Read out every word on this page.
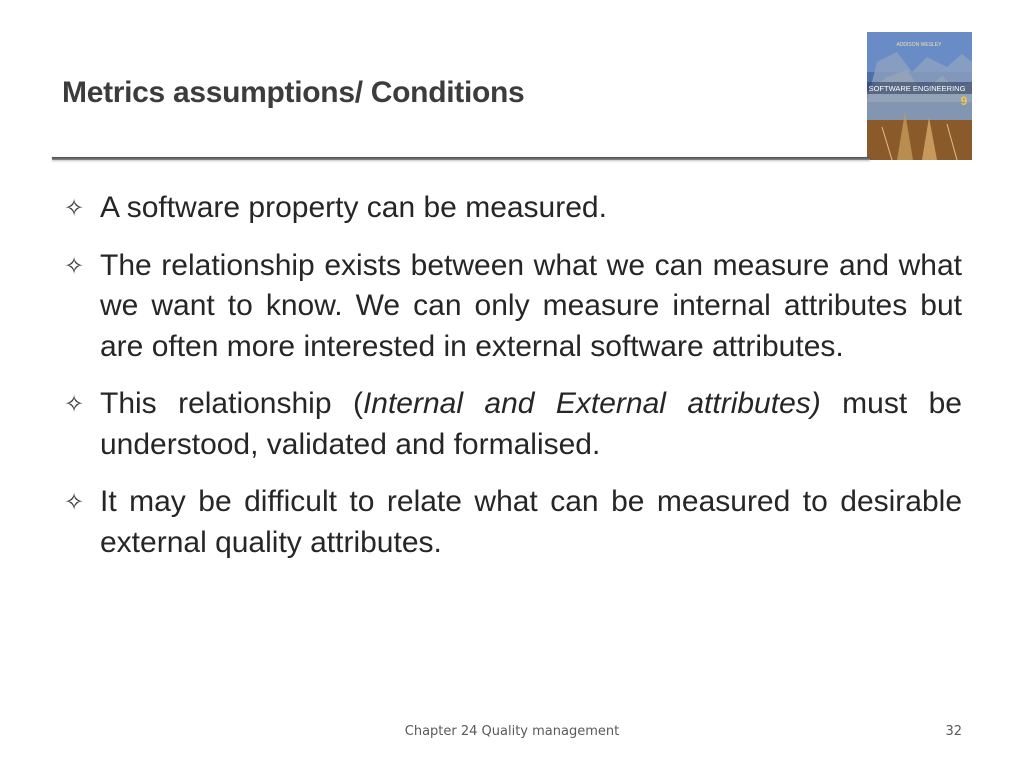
Metrics assumptions/ Conditions
ADDISON WESLEY
SOFTWARE ENGINEERING
9
✧ A software property can be measured.
✧ The relationship exists between what we can measure and what we want to know. We can only measure internal attributes but are often more interested in external software attributes.
✧ This relationship (Internal and External attributes) must be understood, validated and formalised.
✧ It may be difficult to relate what can be measured to desirable external quality attributes.
Chapter 24 Quality management	32
